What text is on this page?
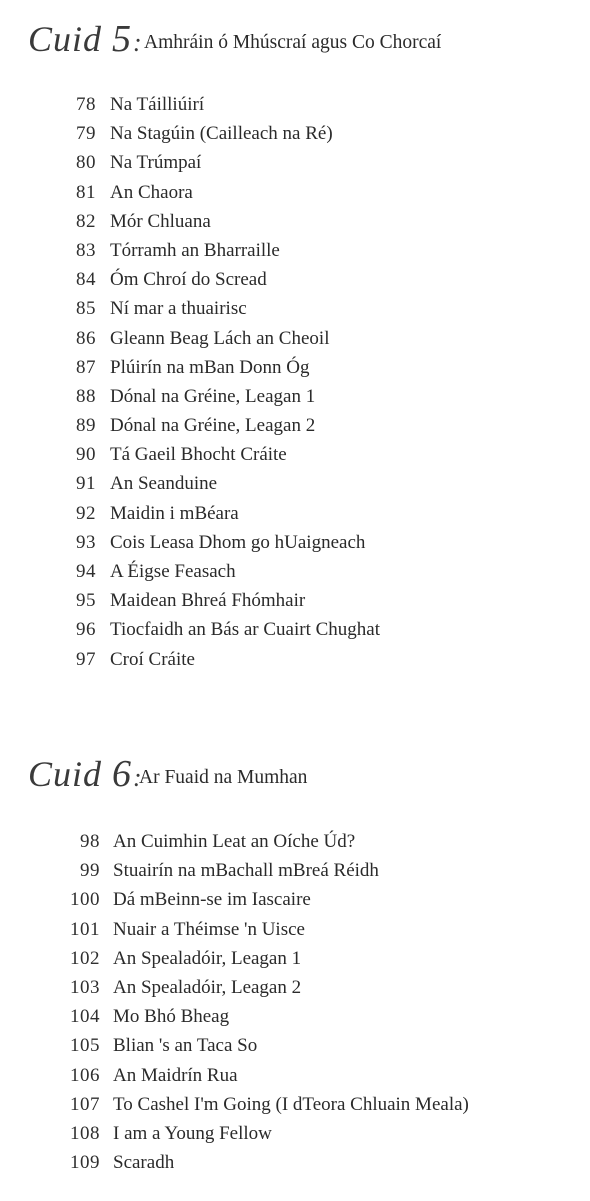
Cuid 5: Amhráin ó Mhúscraí agus Co Chorcaí
78 Na Táilliúirí
79 Na Stagúin (Cailleach na Ré)
80 Na Trúmpaí
81 An Chaora
82 Mór Chluana
83 Tórramh an Bharraille
84 Óm Chroí do Scread
85 Ní mar a thuairisc
86 Gleann Beag Lách an Cheoil
87 Plúirín na mBan Donn Óg
88 Dónal na Gréine, Leagan 1
89 Dónal na Gréine, Leagan 2
90 Tá Gaeil Bhocht Cráite
91 An Seanduine
92 Maidin i mBéara
93 Cois Leasa Dhom go hUaigneach
94 A Éigse Feasach
95 Maidean Bhreá Fhómhair
96 Tiocfaidh an Bás ar Cuairt Chughat
97 Croí Cráite
Cuid 6:
Ar Fuaid na Mumhan
98 An Cuimhin Leat an Oíche Úd?
99 Stuairín na mBachall mBreá Réidh
100 Dá mBeinn-se im Iascaire
101 Nuair a Théimse 'n Uisce
102 An Spealadóir, Leagan 1
103 An Spealadóir, Leagan 2
104 Mo Bhó Bheag
105 Blian 's an Taca So
106 An Maidrín Rua
107 To Cashel I'm Going (I dTeora Chluain Meala)
108 I am a Young Fellow
109 Scaradh
